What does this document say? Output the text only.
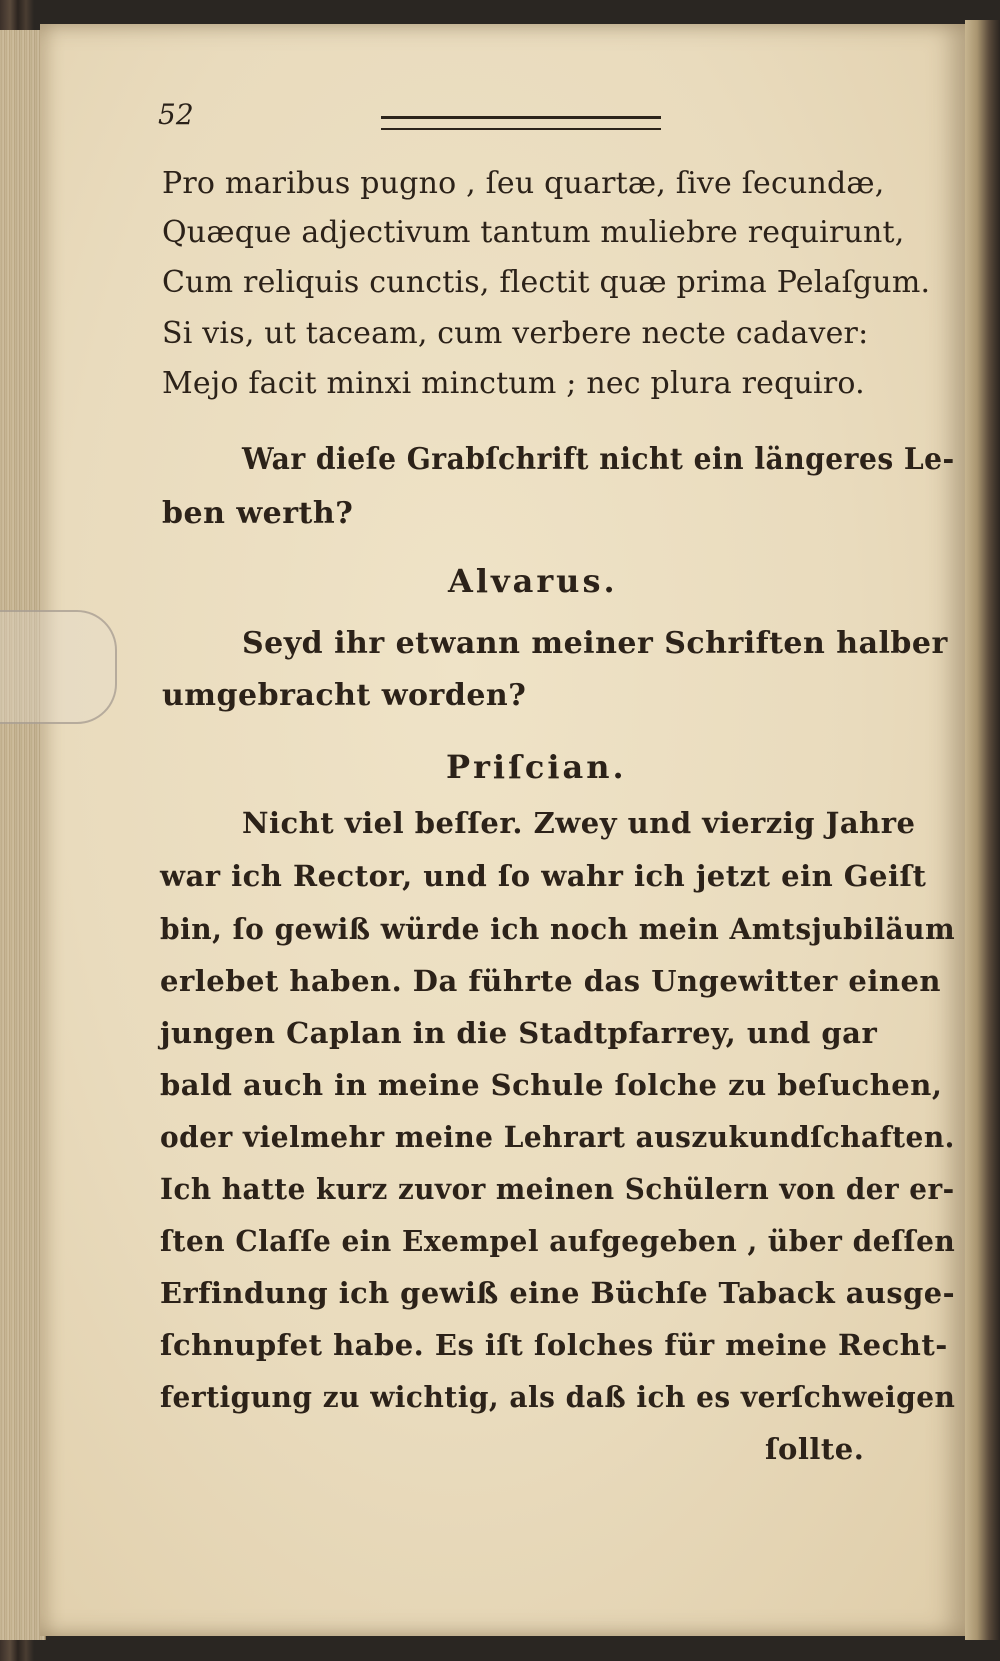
52
Pro maribus pugno , ſeu quartæ, ſive ſecundæ,
Quæque adjectivum tantum muliebre requirunt,
Cum reliquis cunctis, flectit quæ prima Pelaſgum.
Si vis, ut taceam, cum verbere necte cadaver:
Mejo facit minxi minctum ; nec plura requiro.
War dieſe Grabſchrift nicht ein längeres Le-
ben werth?
Alvarus.
Seyd ihr etwann meiner Schriften halber
umgebracht worden?
Priſcian.
Nicht viel beſſer. Zwey und vierzig Jahre
war ich Rector, und ſo wahr ich jetzt ein Geiſt
bin, ſo gewiß würde ich noch mein Amtsjubiläum
erlebet haben. Da führte das Ungewitter einen
jungen Caplan in die Stadtpfarrey, und gar
bald auch in meine Schule ſolche zu beſuchen,
oder vielmehr meine Lehrart auszukundſchaften.
Ich hatte kurz zuvor meinen Schülern von der er-
ſten Claſſe ein Exempel aufgegeben , über deſſen
Erfindung ich gewiß eine Büchſe Taback ausge-
ſchnupfet habe. Es iſt ſolches für meine Recht-
fertigung zu wichtig, als daß ich es verſchweigen
ſollte.
